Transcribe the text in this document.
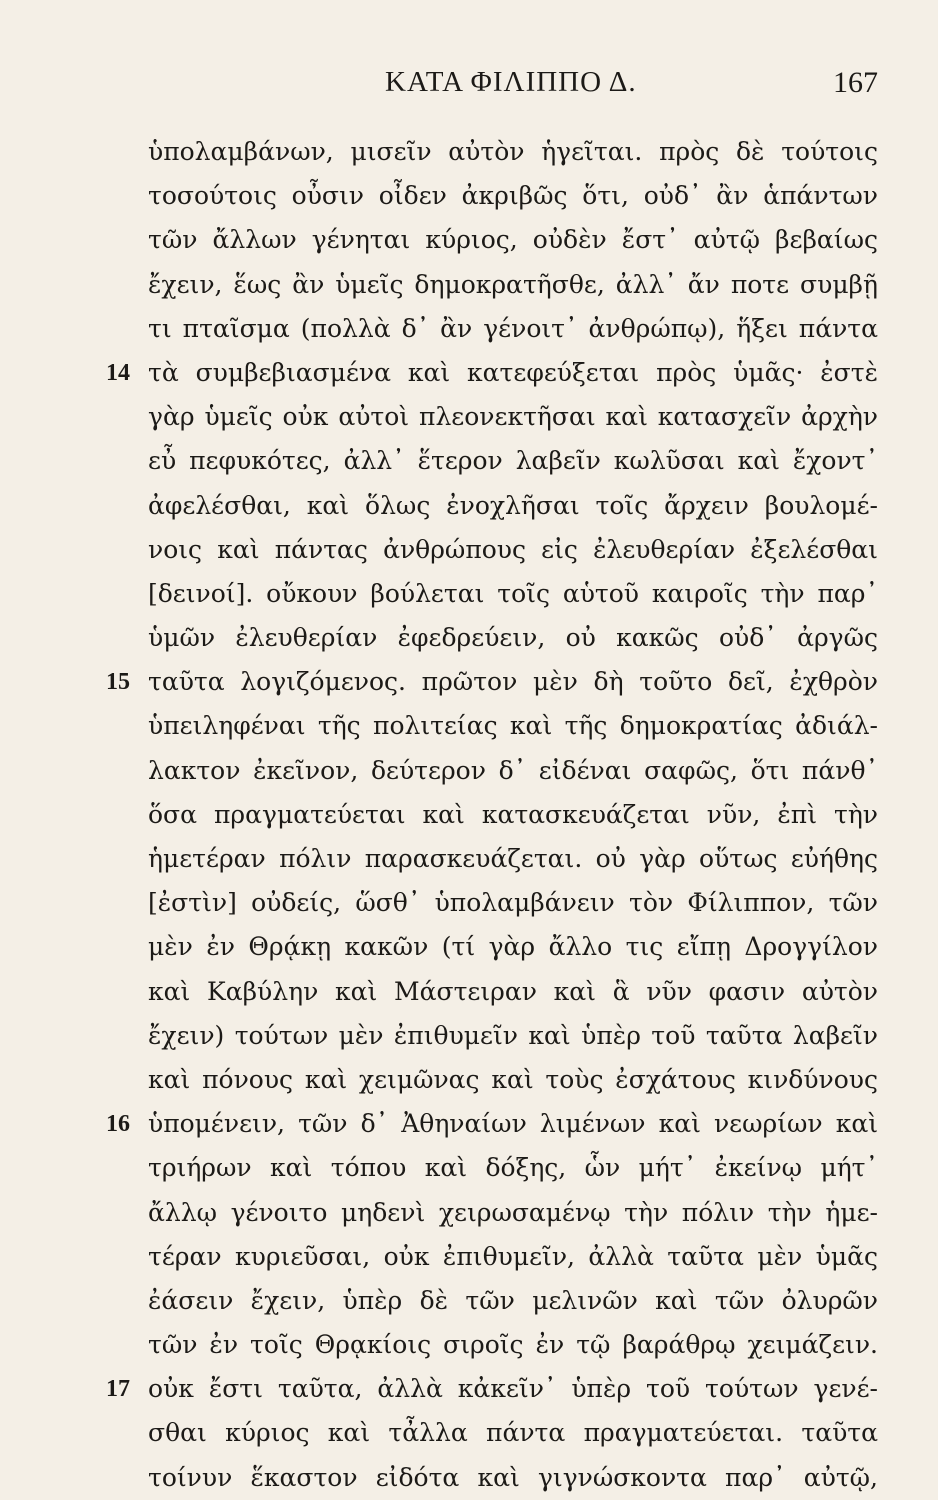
ΚΑΤΑ ΦΙΛΙΠΠΟ Δ.	167
ὑπολαμβάνων, μισεῖν αὐτὸν ἡγεῖται. πρὸς δὲ τούτοις
τοσούτοις οὖσιν οἶδεν ἀκριβῶς ὅτι, οὐδ᾽ ἂν ἁπάντων
τῶν ἄλλων γένηται κύριος, οὐδὲν ἔστ᾽ αὐτῷ βεβαίως
ἔχειν, ἕως ἂν ὑμεῖς δημοκρατῆσθε, ἀλλ᾽ ἄν ποτε συμβῇ
τι πταῖσμα (πολλὰ δ᾽ ἂν γένοιτ᾽ ἀνθρώπῳ), ἥξει πάντα
14 τὰ συμβεβιασμένα καὶ κατεφεύξεται πρὸς ὑμᾶς· ἐστὲ
γὰρ ὑμεῖς οὐκ αὐτοὶ πλεονεκτῆσαι καὶ κατασχεῖν ἀρχὴν
εὖ πεφυκότες, ἀλλ᾽ ἕτερον λαβεῖν κωλῦσαι καὶ ἔχοντ᾽
ἀφελέσθαι, καὶ ὅλως ἐνοχλῆσαι τοῖς ἄρχειν βουλομέ-
νοις καὶ πάντας ἀνθρώπους εἰς ἐλευθερίαν ἐξελέσθαι
[δεινοί]. οὔκουν βούλεται τοῖς αὑτοῦ καιροῖς τὴν παρ᾽
ὑμῶν ἐλευθερίαν ἐφεδρεύειν, οὐ κακῶς οὐδ᾽ ἀργῶς
15 ταῦτα λογιζόμενος. πρῶτον μὲν δὴ τοῦτο δεῖ, ἐχθρὸν
ὑπειληφέναι τῆς πολιτείας καὶ τῆς δημοκρατίας ἀδιάλ-
λακτον ἐκεῖνον, δεύτερον δ᾽ εἰδέναι σαφῶς, ὅτι πάνθ᾽
ὅσα πραγματεύεται καὶ κατασκευάζεται νῦν, ἐπὶ τὴν
ἡμετέραν πόλιν παρασκευάζεται. οὐ γὰρ οὕτως εὐήθης
[ἐστὶν] οὐδείς, ὥσθ᾽ ὑπολαμβάνειν τὸν Φίλιππον, τῶν
μὲν ἐν Θρᾴκῃ κακῶν (τί γὰρ ἄλλο τις εἴπῃ Δρογγίλον
καὶ Καβύλην καὶ Μάστειραν καὶ ἃ νῦν φασιν αὐτὸν
ἔχειν) τούτων μὲν ἐπιθυμεῖν καὶ ὑπὲρ τοῦ ταῦτα λαβεῖν
καὶ πόνους καὶ χειμῶνας καὶ τοὺς ἐσχάτους κινδύνους
16 ὑπομένειν, τῶν δ᾽ Ἀθηναίων λιμένων καὶ νεωρίων καὶ
τριήρων καὶ τόπου καὶ δόξης, ὧν μήτ᾽ ἐκείνῳ μήτ᾽
ἄλλῳ γένοιτο μηδενὶ χειρωσαμένῳ τὴν πόλιν τὴν ἡμε-
τέραν κυριεῦσαι, οὐκ ἐπιθυμεῖν, ἀλλὰ ταῦτα μὲν ὑμᾶς
ἐάσειν ἔχειν, ὑπὲρ δὲ τῶν μελινῶν καὶ τῶν ὀλυρῶν
τῶν ἐν τοῖς Θρᾳκίοις σιροῖς ἐν τῷ βαράθρῳ χειμάζειν.
17 οὐκ ἔστι ταῦτα, ἀλλὰ κἀκεῖν᾽ ὑπὲρ τοῦ τούτων γενέ-
σθαι κύριος καὶ τἆλλα πάντα πραγματεύεται. ταῦτα
τοίνυν ἕκαστον εἰδότα καὶ γιγνώσκοντα παρ᾽ αὐτῷ,
